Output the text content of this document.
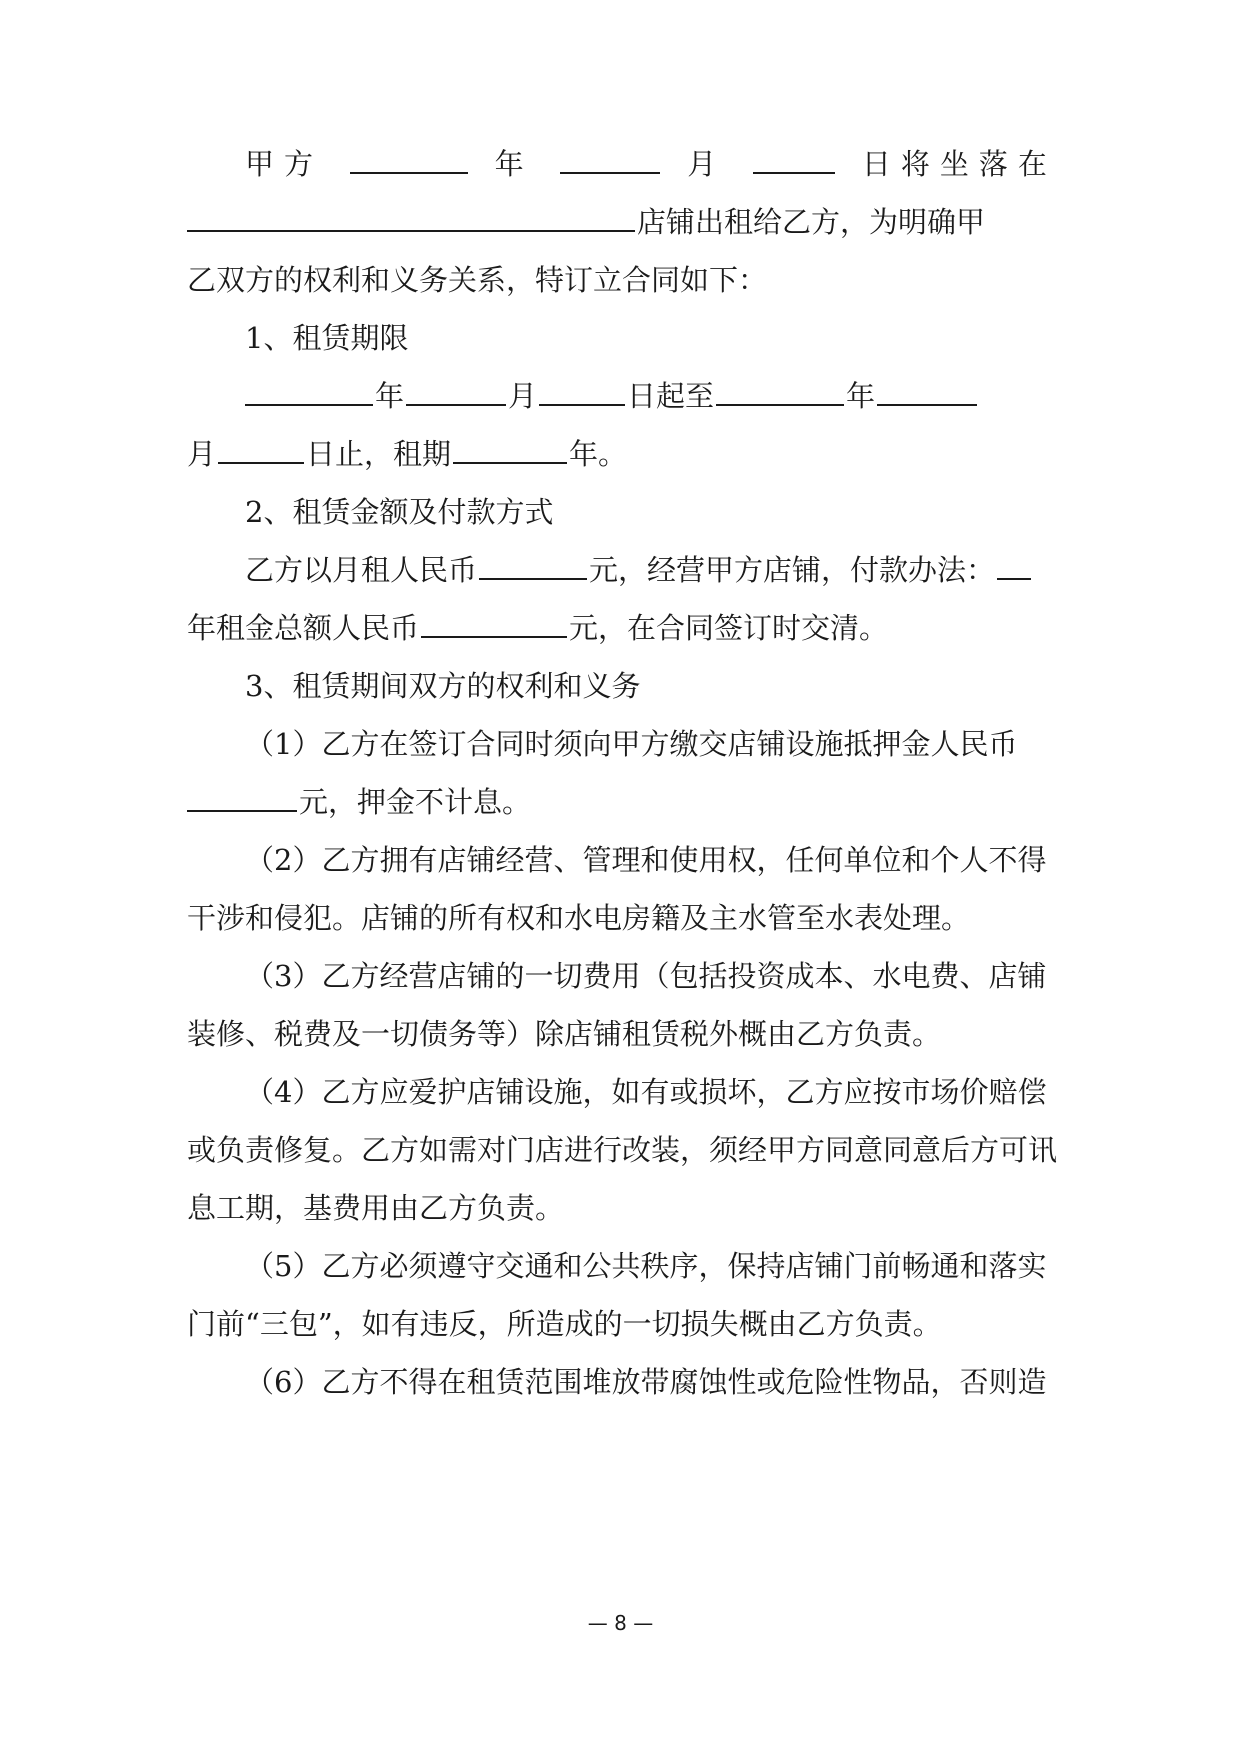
甲方	年	月	日将坐落在
店铺出租给乙方，为明确甲
乙双方的权利和义务关系，特订立合同如下：
1、租赁期限
年	月	日起至	年
月	日止，租期	年。
2、租赁金额及付款方式
乙方以月租人民币	元，经营甲方店铺，付款办法：
年租金总额人民币	元，在合同签订时交清。
3、租赁期间双方的权利和义务
（1）乙方在签订合同时须向甲方缴交店铺设施抵押金人民币
元，押金不计息。
（2）乙方拥有店铺经营、管理和使用权，任何单位和个人不得
干涉和侵犯。店铺的所有权和水电房籍及主水管至水表处理。
（3）乙方经营店铺的一切费用（包括投资成本、水电费、店铺
装修、税费及一切债务等）除店铺租赁税外概由乙方负责。
（4）乙方应爱护店铺设施，如有或损坏，乙方应按市场价赔偿
或负责修复。乙方如需对门店进行改装，须经甲方同意同意后方可讯
息工期，基费用由乙方负责。
（5）乙方必须遵守交通和公共秩序，保持店铺门前畅通和落实
门前“三包”，如有违反，所造成的一切损失概由乙方负责。
（6）乙方不得在租赁范围堆放带腐蚀性或危险性物品，否则造
— 8 —
